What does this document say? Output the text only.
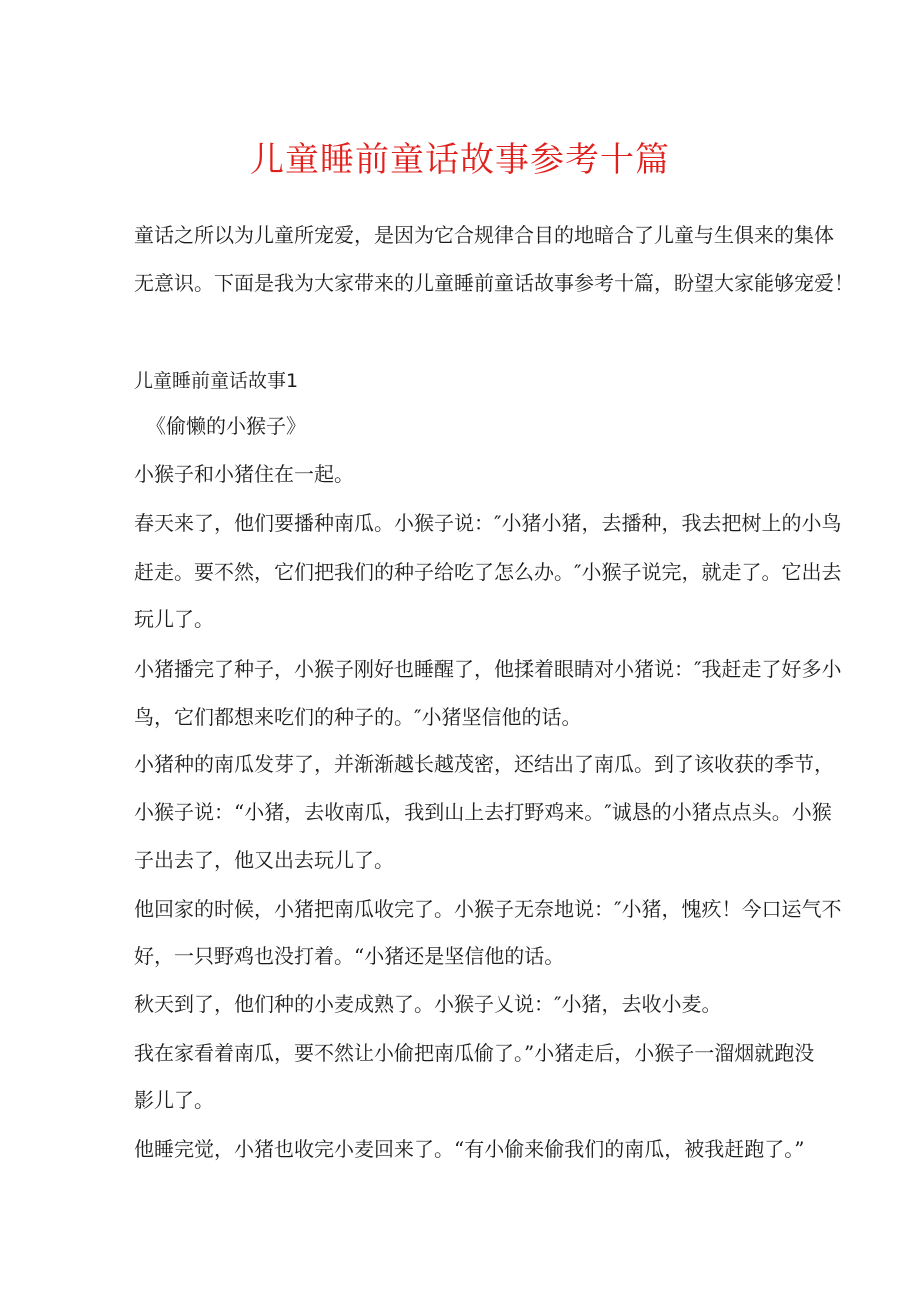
儿童睡前童话故事参考十篇
童话之所以为儿童所宠爱，是因为它合规律合目的地暗合了儿童与生俱来的集体
无意识。下面是我为大家带来的儿童睡前童话故事参考十篇，盼望大家能够宠爱！
儿童睡前童话故事1
《偷懒的小猴子》
小猴子和小猪住在一起。
春天来了，他们要播种南瓜。小猴子说：″小猪小猪，去播种，我去把树上的小鸟
赶走。要不然，它们把我们的种子给吃了怎么办。″小猴子说完，就走了。它出去
玩儿了。
小猪播完了种子，小猴子刚好也睡醒了，他揉着眼睛对小猪说：″我赶走了好多小
鸟，它们都想来吃们的种子的。″小猪坚信他的话。
小猪种的南瓜发芽了，并渐渐越长越茂密，还结出了南瓜。到了该收获的季节，
小猴子说：“小猪，去收南瓜，我到山上去打野鸡来。″诚恳的小猪点点头。小猴
子出去了，他又出去玩儿了。
他回家的时候，小猪把南瓜收完了。小猴子无奈地说：″小猪，愧疚！今口运气不
好，一只野鸡也没打着。“小猪还是坚信他的话。
秋天到了，他们种的小麦成熟了。小猴子乂说：″小猪，去收小麦。
我在家看着南瓜，要不然让小偷把南瓜偷了。”小猪走后，小猴子一溜烟就跑没
影儿了。
他睡完觉，小猪也收完小麦回来了。“有小偷来偷我们的南瓜，被我赶跑了。”
